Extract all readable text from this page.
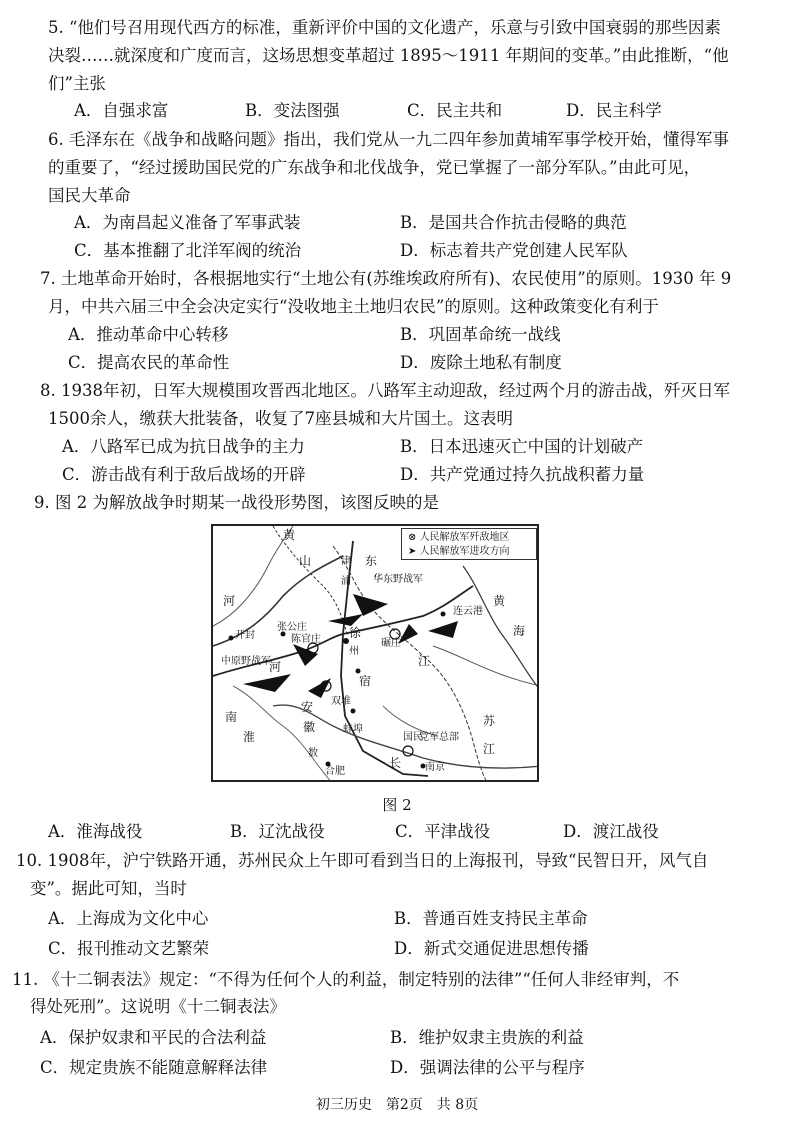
5. “他们号召用现代西方的标准，重新评价中国的文化遗产，乐意与引致中国衰弱的那些因素
决裂……就深度和广度而言，这场思想变革超过 1895～1911 年期间的变革。”由此推断，“他
们”主张
A．自强求富	B．变法图强	C．民主共和	D．民主科学
6. 毛泽东在《战争和战略问题》指出，我们党从一九二四年参加黄埔军事学校开始，懂得军事
的重要了，“经过援助国民党的广东战争和北伐战争，党已掌握了一部分军队。”由此可见，
国民大革命
A．为南昌起义准备了军事武装	B．是国共合作抗击侵略的典范
C．基本推翻了北洋军阀的统治	D．标志着共产党创建人民军队
7. 土地革命开始时，各根据地实行“土地公有(苏维埃政府所有)、农民使用”的原则。1930 年 9
月，中共六届三中全会决定实行“没收地主土地归农民”的原则。这种政策变化有利于
A．推动革命中心转移	B．巩固革命统一战线
C．提高农民的革命性	D．废除土地私有制度
8. 1938年初，日军大规模围攻晋西北地区。八路军主动迎敌，经过两个月的游击战，歼灭日军
1500余人，缴获大批装备，收复了7座县城和大片国土。这表明
A．八路军已成为抗日战争的主力	B．日本迅速灭亡中国的计划破产
C．游击战有利于敌后战场的开辟	D．共产党通过持久抗战积蓄力量
9. 图 2 为解放战争时期某一战役形势图，该图反映的是
⊗ 人民解放军歼敌地区
➤ 人民解放军进攻方向
黄
山	东
津
浦 华东野战军
河
开封
张公庄
连云港
黄
海
中原野战军
陈官庄 徐
州
碾庄
江
河
宿
双堆
安
徽
南
淮
蚌埠
国民
党军总部
苏
江
长
合肥	南京
数
图 2
A．淮海战役	B．辽沈战役	C．平津战役	D．渡江战役
10. 1908年，沪宁铁路开通，苏州民众上午即可看到当日的上海报刊，导致“民智日开，风气自
变”。据此可知，当时
A．上海成为文化中心	B．普通百姓支持民主革命
C．报刊推动文艺繁荣	D．新式交通促进思想传播
11. 《十二铜表法》规定：“不得为任何个人的利益，制定特别的法律”“任何人非经审判，不
得处死刑”。这说明《十二铜表法》
A．保护奴隶和平民的合法利益	B．维护奴隶主贵族的利益
C．规定贵族不能随意解释法律	D．强调法律的公平与程序
初三历史　第2页　共 8页
